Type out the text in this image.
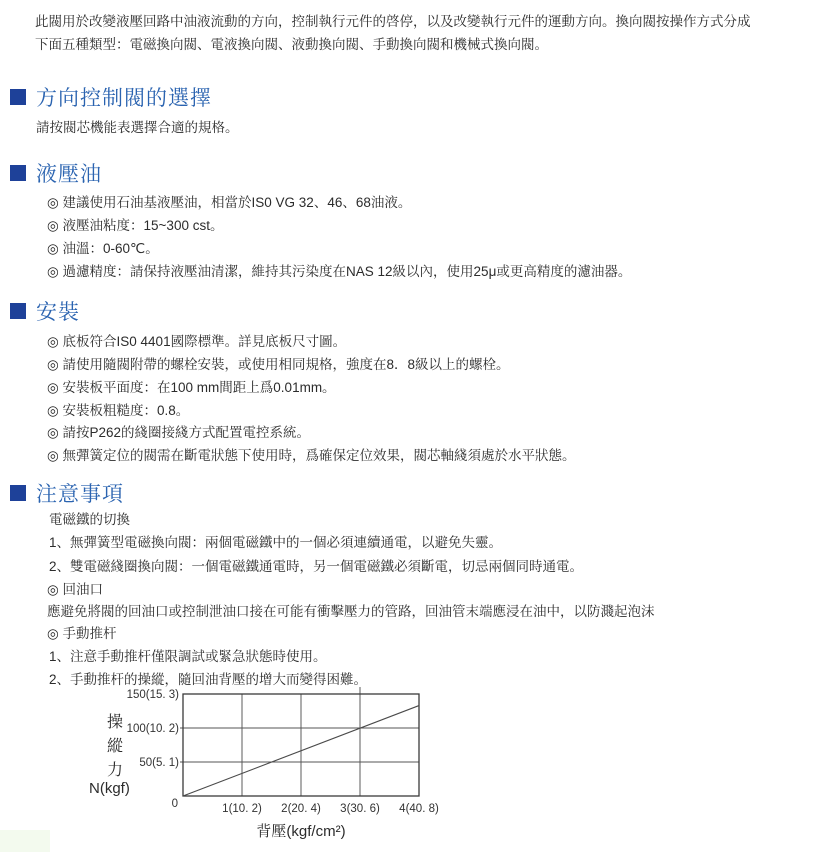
此閥用於改變液壓回路中油液流動的方向，控制執行元件的啓停，以及改變執行元件的運動方向。換向閥按操作方式分成
下面五種類型：電磁換向閥、電液換向閥、液動換向閥、手動換向閥和機械式換向閥。
方向控制閥的選擇
請按閥芯機能表選擇合適的規格。
液壓油
◎ 建議使用石油基液壓油，相當於IS0 VG 32、46、68油液。
◎ 液壓油粘度：15~300 cst。
◎ 油溫：0-60℃。
◎ 過濾精度：請保持液壓油清潔，維持其污染度在NAS 12級以內，使用25μ或更高精度的濾油器。
安裝
◎ 底板符合IS0 4401國際標準。詳見底板尺寸圖。
◎ 請使用隨閥附帶的螺栓安裝，或使用相同規格，強度在8．8級以上的螺栓。
◎ 安裝板平面度：在100 mm間距上爲0.01mm。
◎ 安裝板粗糙度：0.8。
◎ 請按P262的綫圈接綫方式配置電控系統。
◎ 無彈簧定位的閥需在斷電狀態下使用時，爲確保定位效果，閥芯軸綫須處於水平狀態。
注意事項
電磁鐵的切換
1、無彈簧型電磁換向閥：兩個電磁鐵中的一個必須連續通電，以避免失靈。
2、雙電磁綫圈換向閥：一個電磁鐵通電時，另一個電磁鐵必須斷電，切忌兩個同時通電。
◎ 回油口
應避免將閥的回油口或控制泄油口接在可能有衝擊壓力的管路，回油管末端應浸在油中，以防濺起泡沫
◎ 手動推杆
1、注意手動推杆僅限調試或緊急狀態時使用。
2、手動推杆的操縱，隨回油背壓的增大而變得困難。
操
縱
力
N(kgf)
0
50(5. 1)
100(10. 2)
150(15. 3)
1(10. 2) 2(20. 4) 3(30. 6) 4(40. 8)
背壓(kgf/cm²)
